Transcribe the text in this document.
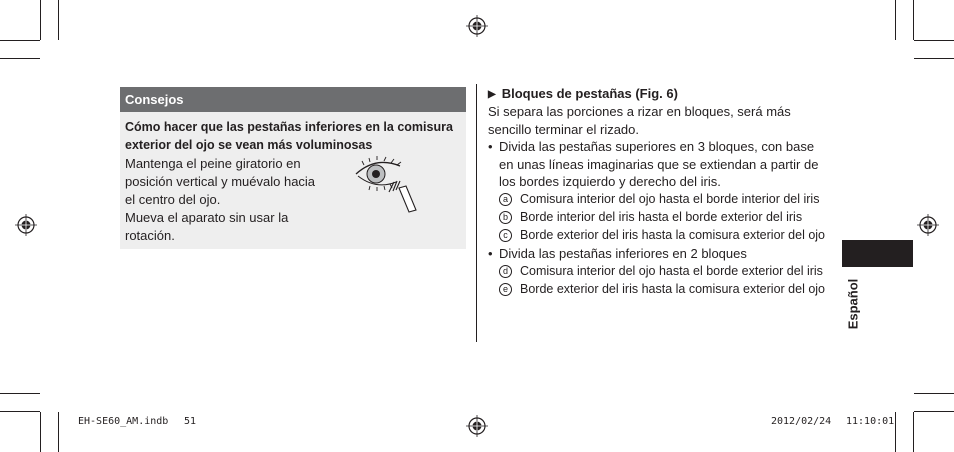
Consejos
Cómo hacer que las pestañas inferiores en la comisura exterior del ojo se vean más voluminosas
Mantenga el peine giratorio en
posición vertical y muévalo hacia
el centro del ojo.
Mueva el aparato sin usar la
rotación.
▶ Bloques de pestañas (Fig. 6)
Si separa las porciones a rizar en bloques, será más
sencillo terminar el rizado.
• Divida las pestañas superiores en 3 bloques, con base
en unas líneas imaginarias que se extiendan a partir de
los bordes izquierdo y derecho del iris.
a Comisura interior del ojo hasta el borde interior del iris
b Borde interior del iris hasta el borde exterior del iris
c Borde exterior del iris hasta la comisura exterior del ojo
• Divida las pestañas inferiores en 2 bloques
d Comisura interior del ojo hasta el borde exterior del iris
e Borde exterior del iris hasta la comisura exterior del ojo Español
EH-SE60_AM.indb 51	2012/02/24 11:10:01
